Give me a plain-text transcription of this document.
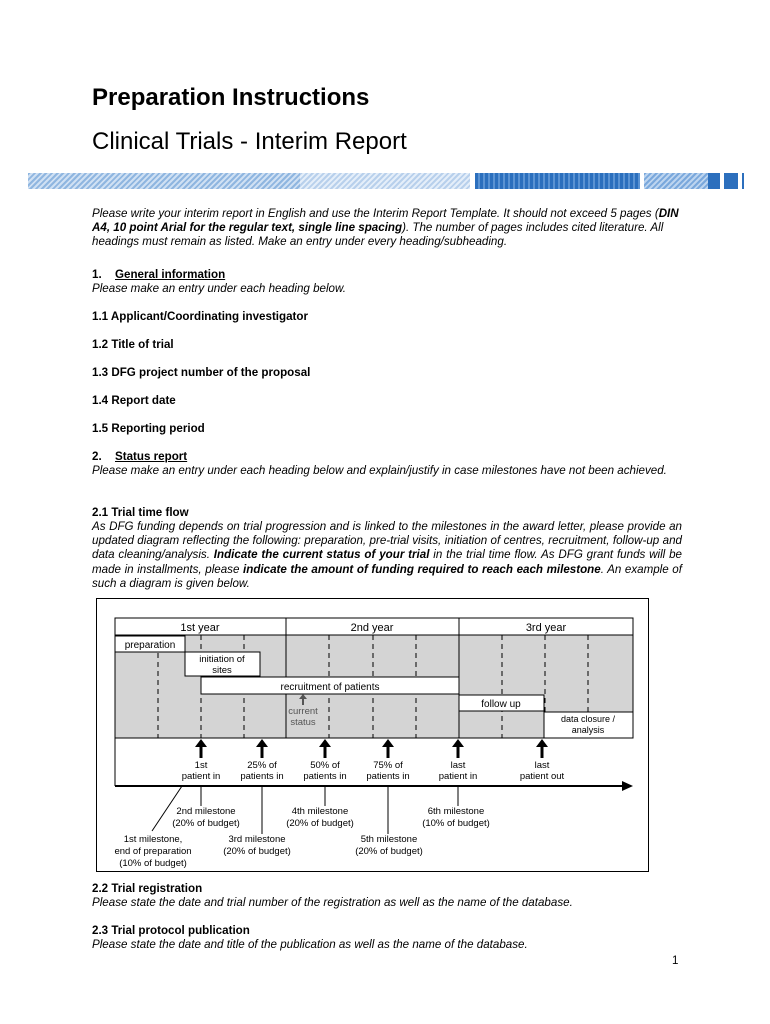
Preparation Instructions
Clinical Trials - Interim Report
Please write your interim report in English and use the Interim Report Template. It should not exceed 5 pages (DIN A4, 10 point Arial for the regular text, single line spacing). The number of pages includes cited literature. All headings must remain as listed. Make an entry under every heading/subheading.
1. General information
Please make an entry under each heading below.
1.1 Applicant/Coordinating investigator
1.2 Title of trial
1.3 DFG project number of the proposal
1.4 Report date
1.5 Reporting period
2. Status report
Please make an entry under each heading below and explain/justify in case milestones have not been achieved.
2.1 Trial time flow
As DFG funding depends on trial progression and is linked to the milestones in the award letter, please provide an updated diagram reflecting the following: preparation, pre-trial visits, initiation of centres, recruitment, follow-up and data cleaning/analysis. Indicate the current status of your trial in the trial time flow. As DFG grant funds will be made in installments, please indicate the amount of funding required to reach each milestone. An example of such a diagram is given below.
1st year	2nd year	3rd year
preparation
initiation of
sites
recruitment of patients
follow up
data closure /
analysis
current
status
1st
patient in
25% of
patients in
50% of
patients in
75% of
patients in
last
patient in
last
patient out
2nd milestone
(20% of budget)
4th milestone
(20% of budget)
6th milestone
(10% of budget)
1st milestone,
end of preparation
(10% of budget)
3rd milestone
(20% of budget)
5th milestone
(20% of budget)
2.2 Trial registration
Please state the date and trial number of the registration as well as the name of the database.
2.3 Trial protocol publication
Please state the date and title of the publication as well as the name of the database.
1
